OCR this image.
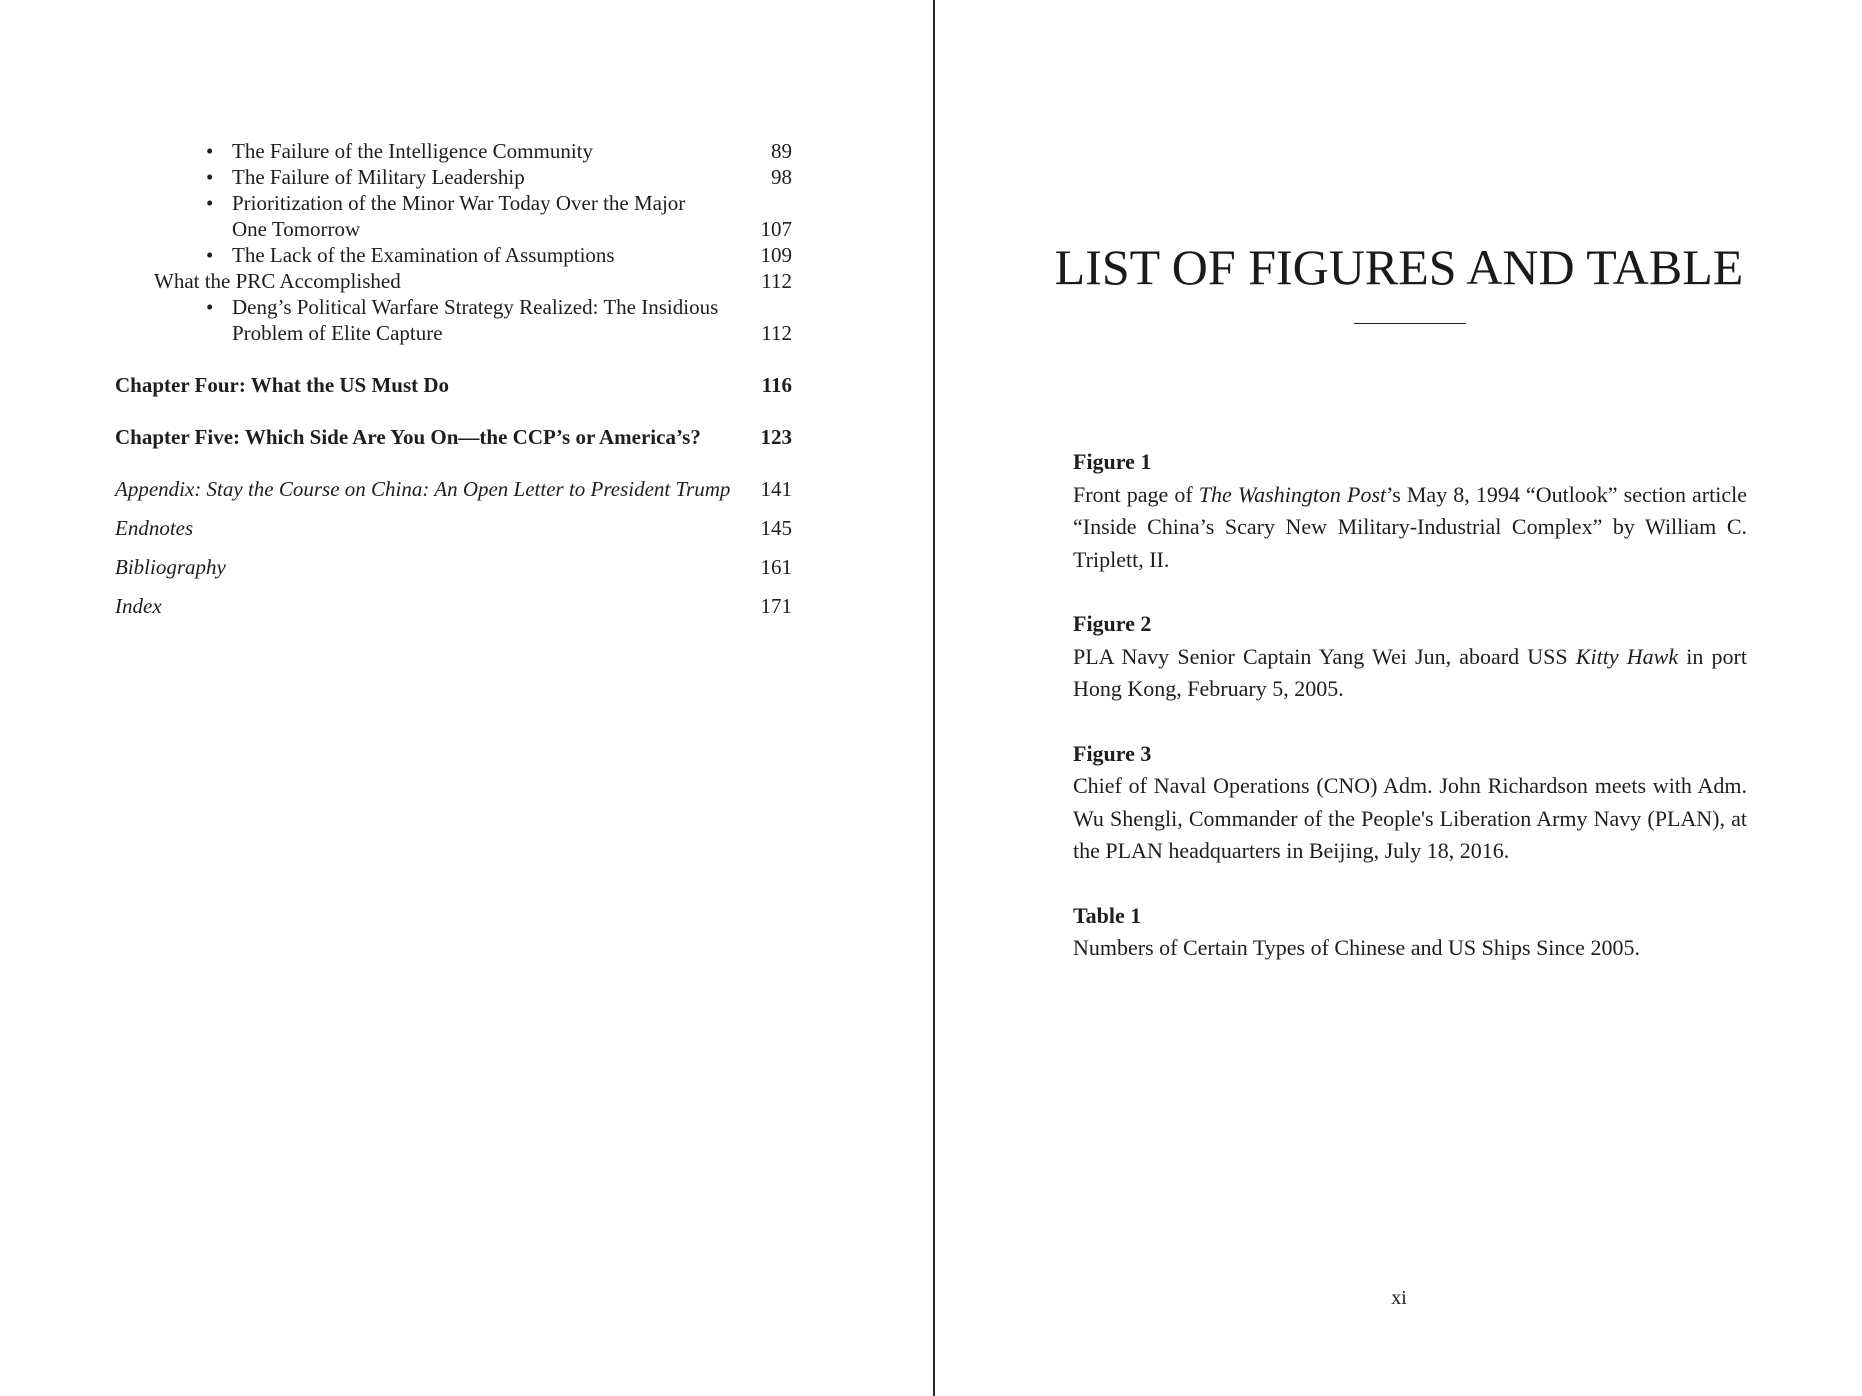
• The Failure of the Intelligence Community	89
• The Failure of Military Leadership	98
• Prioritization of the Minor War Today Over the Major
One Tomorrow	107
• The Lack of the Examination of Assumptions	109
What the PRC Accomplished	112
• Deng’s Political Warfare Strategy Realized: The Insidious
Problem of Elite Capture	112
Chapter Four: What the US Must Do	116
Chapter Five: Which Side Are You On—the CCP’s or America’s?	123
Appendix: Stay the Course on China: An Open Letter to President Trump	141
Endnotes	145
Bibliography	161
Index	171
LIST OF FIGURES AND TABLE
Figure 1
Front page of The Washington Post’s May 8, 1994 “Outlook” section article “Inside China’s Scary New Military-Industrial Complex” by William C. Triplett, II.
Figure 2
PLA Navy Senior Captain Yang Wei Jun, aboard USS Kitty Hawk in port Hong Kong, February 5, 2005.
Figure 3
Chief of Naval Operations (CNO) Adm. John Richardson meets with Adm. Wu Shengli, Commander of the People's Liberation Army Navy (PLAN), at the PLAN headquarters in Beijing, July 18, 2016.
Table 1
Numbers of Certain Types of Chinese and US Ships Since 2005.
xi
